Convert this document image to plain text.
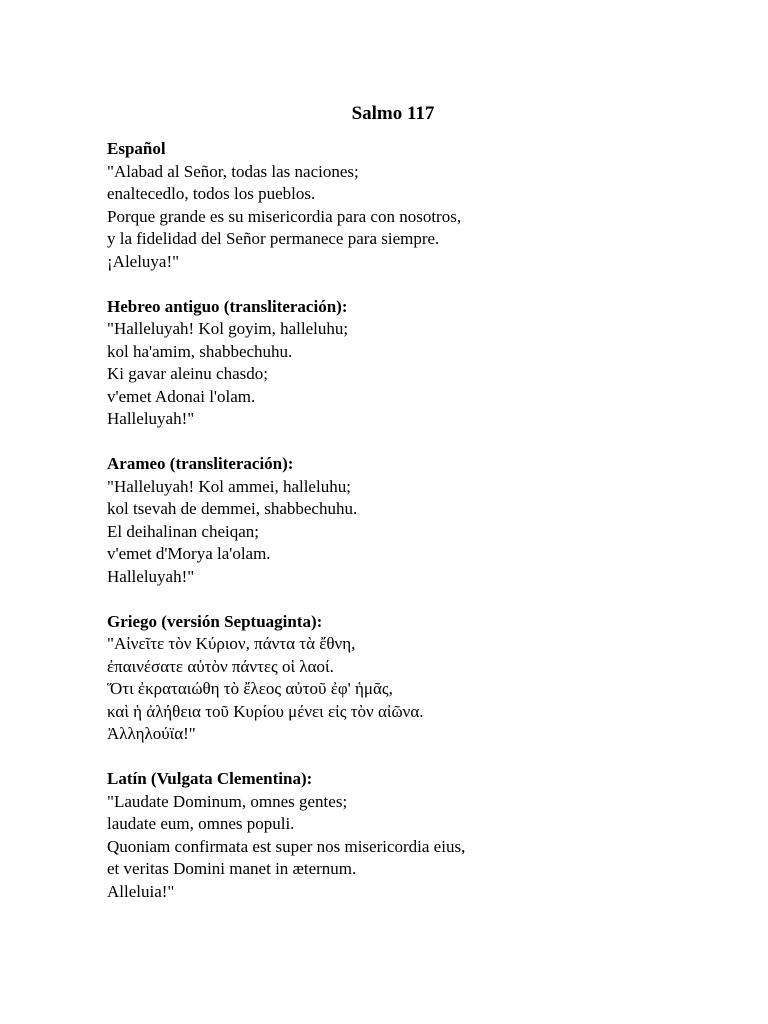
Salmo 117
Español
"Alabad al Señor, todas las naciones;
enaltecedlo, todos los pueblos.
Porque grande es su misericordia para con nosotros,
y la fidelidad del Señor permanece para siempre.
¡Aleluya!"
Hebreo antiguo (transliteración):
"Halleluyah! Kol goyim, halleluhu;
kol ha'amim, shabbechuhu.
Ki gavar aleinu chasdo;
v'emet Adonai l'olam.
Halleluyah!"
Arameo (transliteración):
"Halleluyah! Kol ammei, halleluhu;
kol tsevah de demmei, shabbechuhu.
El deihalinan cheiqan;
v'emet d'Morya la'olam.
Halleluyah!"
Griego (versión Septuaginta):
"Αἰνεῖτε τὸν Κύριον, πάντα τὰ ἔθνη,
ἐπαινέσατε αὐτὸν πάντες οἱ λαοί.
Ὅτι ἐκραταιώθη τὸ ἔλεος αὐτοῦ ἐφ' ἡμᾶς,
καὶ ἡ ἀλήθεια τοῦ Κυρίου μένει εἰς τὸν αἰῶνα.
Ἀλληλούϊα!"
Latín (Vulgata Clementina):
"Laudate Dominum, omnes gentes;
laudate eum, omnes populi.
Quoniam confirmata est super nos misericordia eius,
et veritas Domini manet in æternum.
Alleluia!"
